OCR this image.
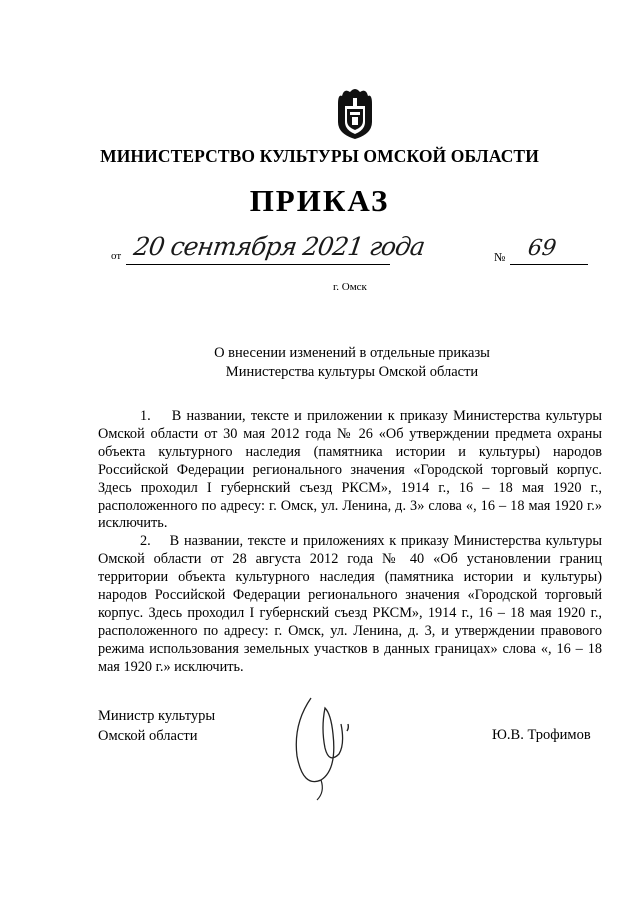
МИНИСТЕРСТВО КУЛЬТУРЫ ОМСКОЙ ОБЛАСТИ
ПРИКАЗ
от 20 сентября 2021 года	№ 69
г. Омск
О внесении изменений в отдельные приказы
Министерства культуры Омской области

1.    В названии, тексте и приложении к приказу Министерства культуры Омской области от 30 мая 2012 года № 26 «Об утверждении предмета охраны объекта культурного наследия (памятника истории и культуры) народов Российской Федерации регионального значения «Городской торговый корпус. Здесь проходил I губернский съезд РКСМ», 1914 г., 16 – 18 мая 1920 г., расположенного по адресу: г. Омск, ул. Ленина, д. 3» слова «, 16 – 18 мая 1920 г.» исключить.

2.    В названии, тексте и приложениях к приказу Министерства культуры Омской области от 28 августа 2012 года № 40 «Об установлении границ территории объекта культурного наследия (памятника истории и культуры) народов Российской Федерации регионального значения «Городской торговый корпус. Здесь проходил I губернский съезд РКСМ», 1914 г., 16 – 18 мая 1920 г., расположенного по адресу: г. Омск, ул. Ленина, д. 3, и утверждении правового режима использования земельных участков в данных границах» слова «, 16 – 18 мая 1920 г.» исключить.

Министр культуры
Омской области	Ю.В. Трофимов
